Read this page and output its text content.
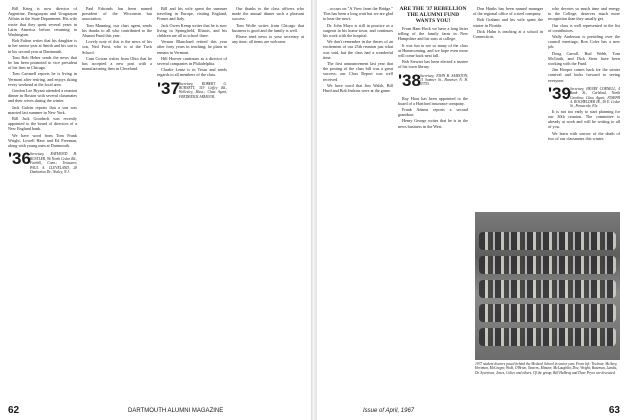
Bill Krieg is now director of Argentine, Paraguayan and Uruguayan Affairs in the State Department. His wife wrote that they spent several years in Latin America before returning to Washington.

Bob Fulton writes that his daughter is in her senior year at Smith and his son is in his second year at Dartmouth.

Tom Bob Heber sends the news that he has been promoted to vice president of his firm in Chicago.

Tom Cartmell reports he is living in Vermont after retiring, and enjoys skiing every weekend at the local area.

Gordon Lee Bryant attended a reunion dinner in Boston with several classmates and their wives during the winter.

Jack Galvin reports that a son was married last summer in New York.

Bill Jack Goodrich was recently appointed to the board of directors of a New England bank.

We have word from Tom Frank Wright, Lowell Hase and Ed Freeman, along with young men at Dartmouth.

'36 Secretary, RAYMOND H. BUSTLER, 96 North Cedar Rd., Fairhill, Conn.; Treasurer, PAUL A. CLEVELAND, 28 Dunbarton Dr., Nutley, N.J.

Paul Edwards has been named president of the Wisconsin bar association.

Tom Manning, our class agent, sends his thanks to all who contributed to the Alumni Fund this year.

Lovely note of this is the news of his son, Ned Frost, who is at the Tuck School.

Cam Cowan writes from Ohio that he has accepted a new post with a manufacturing firm in Cleveland.

Bill and his wife spent the summer traveling in Europe, visiting England, France and Italy.

Jack Owen Kemp writes that he is now living in Springfield, Illinois, and his children are all in school there.

Vernon Blanchard retired this year after forty years in teaching; he plans to remain in Vermont.

Hill Hoover continues as a director of several companies in Philadelphia.

Charlie Lentz is in Texas and sends regards to all members of the class.

'37 Secretary, ROBERT G. BURNETT, 319 Coffey Rd., Wellesley, Mass.; Class Agent, FREDERICK ARMOUR.

Our thanks to the class officers who made the annual dinner such a pleasant success.

Tom Wolfe writes from Chicago that business is good and the family is well.

Please send news to your secretary at any time; all items are welcome.

62	DARTMOUTH ALUMNI MAGAZINE

...occurs on "A View from the Bridge." This has been a long wait but we are glad to hear the news.

Dr. John Mayo is still in practice as a surgeon in his home town, and continues his work with the hospital.

We don't remember in the throes of an excitement of our 25th reunion just what was said, but the class had a wonderful time.

The first announcement last year that the posting of the class bill was a great success; our Class Report was well received.

We have word that Jim Walsh, Bill Hurd and Bob Jenkins were at the game.

ARE THE '37 REBELLION THE ALUMNI FUND WANTS YOU!

From Ham Hock we have a long letter telling of the family farm in New Hampshire and his sons at college.

It was fun to see so many of the class at Homecoming, and we hope even more will come back next fall.

Bob Stewart has been elected a trustee of his town library.

'38 Secretary, JOHN B. SAMSTON, 11 Sumner St., Hanover, N. H. 03755

Ray Hoar has been appointed to the board of a Hartford insurance company.

Frank Adams reports a second grandson.

Henry George writes that he is in the news business in the West.

Don Hanks has been named manager of the regional office of a steel company.

Bob Graham and his wife spent the winter in Florida.

Dick Hahn is teaching at a school in Connecticut.

who devotes so much time and energy to the College, deserves much more recognition than they usually get.

Our class is well represented in the list of contributors.

Wally Anderson is presiding over the council meetings; Ron Coles has a new job.

Doug Carroll, Bud Webb, Tom McGrath, and Dick Stern have been working with the Fund.

Jim Hooper comes back for the winter carnival and looks forward to seeing everyone.

'39 Secretary, HENRY CORNELL, 4 Bank St., Carlsbad, North Carolina; Class Agent, JOSEPH A. ROCHELDER JR., 50 E. Cedar St., Pensacola, Fla.

It is not too early to start planning for our 30th reunion. The committee is already at work and will be writing to all of you.

We learn with sorrow of the death of two of our classmates this winter.

1937 student doctors posed behind the Medical School in senior year. From left: Tischner, McAvey, Hertman, McGregor, Wolk, O'Brien, Stearns, Mintzer, McLaughlin, Doe, Wright, Bateman, Landis, Dr. Syvertsen, Jones, Colter and others. Of the group, Bill Hulberg and Dave Pryor are deceased.
Issue of April, 1967	63
